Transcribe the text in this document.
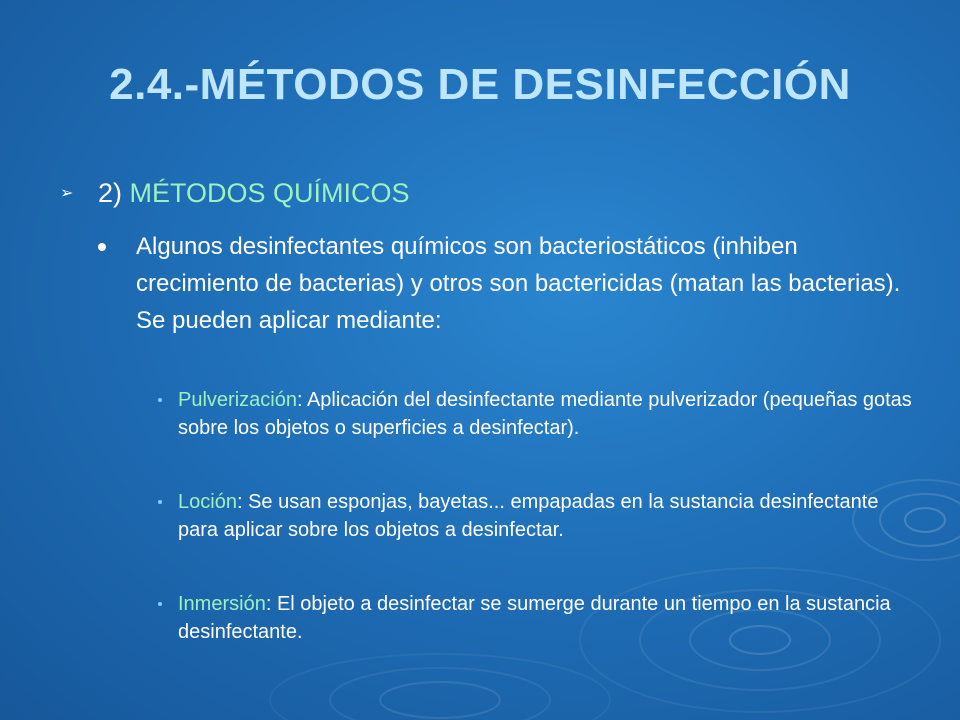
2.4.-MÉTODOS DE DESINFECCIÓN
➢ 2) MÉTODOS QUÍMICOS
Algunos desinfectantes químicos son bacteriostáticos (inhiben crecimiento de bacterias) y otros son bactericidas (matan las bacterias). Se pueden aplicar mediante:
Pulverización: Aplicación del desinfectante mediante pulverizador (pequeñas gotas sobre los objetos o superficies a desinfectar).
Loción: Se usan esponjas, bayetas... empapadas en la sustancia desinfectante para aplicar sobre los objetos a desinfectar.
Inmersión: El objeto a desinfectar se sumerge durante un tiempo en la sustancia desinfectante.
